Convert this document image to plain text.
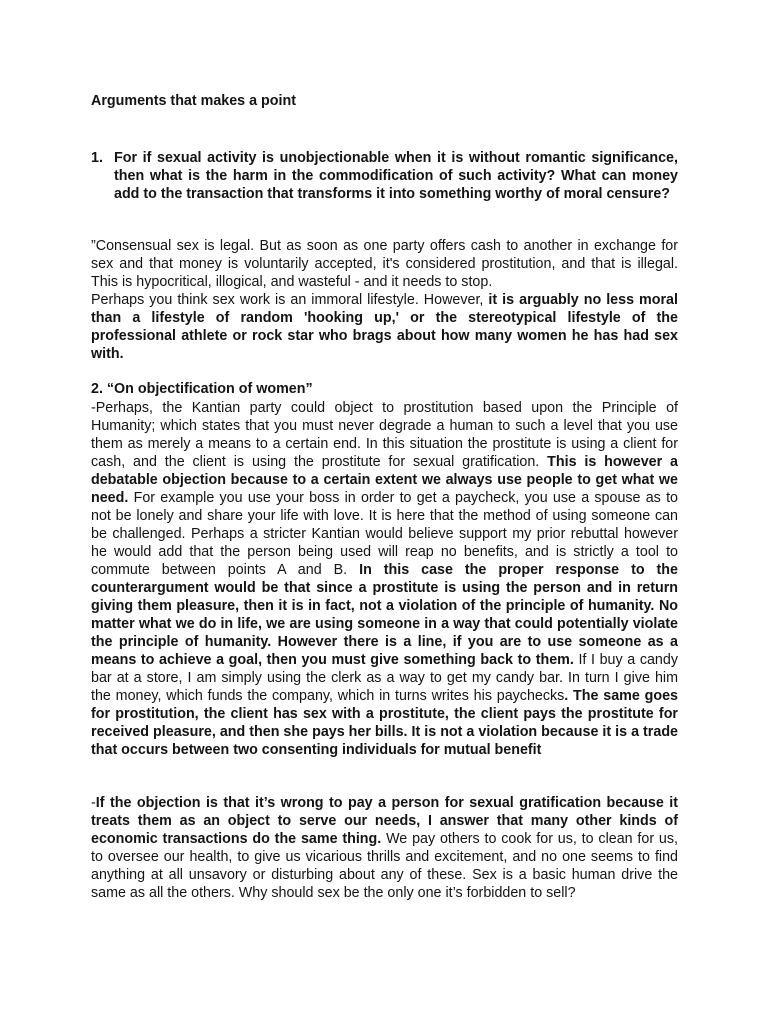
Arguments that makes a point
1. For if sexual activity is unobjectionable when it is without romantic significance, then what is the harm in the commodification of such activity? What can money add to the transaction that transforms it into something worthy of moral censure?

”Consensual sex is legal. But as soon as one party offers cash to another in exchange for sex and that money is voluntarily accepted, it's considered prostitution, and that is illegal. This is hypocritical, illogical, and wasteful - and it needs to stop.

Perhaps you think sex work is an immoral lifestyle. However, it is arguably no less moral than a lifestyle of random 'hooking up,' or the stereotypical lifestyle of the professional athlete or rock star who brags about how many women he has had sex with.

2. “On objectification of women”

-Perhaps, the Kantian party could object to prostitution based upon the Principle of Humanity; which states that you must never degrade a human to such a level that you use them as merely a means to a certain end. In this situation the prostitute is using a client for cash, and the client is using the prostitute for sexual gratification. This is however a debatable objection because to a certain extent we always use people to get what we need. For example you use your boss in order to get a paycheck, you use a spouse as to not be lonely and share your life with love. It is here that the method of using someone can be challenged. Perhaps a stricter Kantian would believe support my prior rebuttal however he would add that the person being used will reap no benefits, and is strictly a tool to commute between points A and B. In this case the proper response to the counterargument would be that since a prostitute is using the person and in return giving them pleasure, then it is in fact, not a violation of the principle of humanity. No matter what we do in life, we are using someone in a way that could potentially violate the principle of humanity. However there is a line, if you are to use someone as a means to achieve a goal, then you must give something back to them. If I buy a candy bar at a store, I am simply using the clerk as a way to get my candy bar. In turn I give him the money, which funds the company, which in turns writes his paychecks. The same goes for prostitution, the client has sex with a prostitute, the client pays the prostitute for received pleasure, and then she pays her bills. It is not a violation because it is a trade that occurs between two consenting individuals for mutual benefit

-If the objection is that it’s wrong to pay a person for sexual gratification because it treats them as an object to serve our needs, I answer that many other kinds of economic transactions do the same thing. We pay others to cook for us, to clean for us, to oversee our health, to give us vicarious thrills and excitement, and no one seems to find anything at all unsavory or disturbing about any of these. Sex is a basic human drive the same as all the others. Why should sex be the only one it’s forbidden to sell?
